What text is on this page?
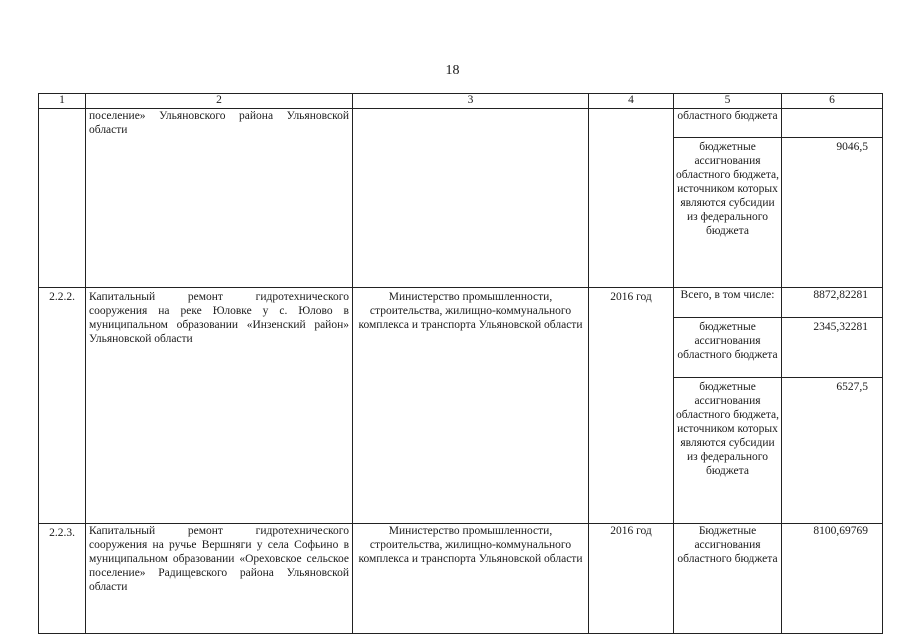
18
1	2	3	4	5	6
	поселение» Ульяновского района Ульяновской области			областного бюджета	
				бюджетные ассигнования областного бюджета, источником которых являются субсидии из федерального бюджета	9046,5
2.2.2.	Капитальный ремонт гидротехнического сооружения на реке Юловке у с. Юлово в муниципальном образовании «Инзенский район» Ульяновской области	Министерство промышленности, строительства, жилищно-коммунального комплекса и транспорта Ульяновской области	2016 год	Всего, в том числе:	8872,82281
				бюджетные ассигнования областного бюджета	2345,32281
				бюджетные ассигнования областного бюджета, источником которых являются субсидии из федерального бюджета	6527,5
2.2.3.	Капитальный ремонт гидротехнического сооружения на ручье Вершняги у села Софьино в муниципальном образовании «Ореховское сельское поселение» Радищевского района Ульяновской области	Министерство промышленности, строительства, жилищно-коммунального комплекса и транспорта Ульяновской области	2016 год	Бюджетные ассигнования областного бюджета	8100,69769
